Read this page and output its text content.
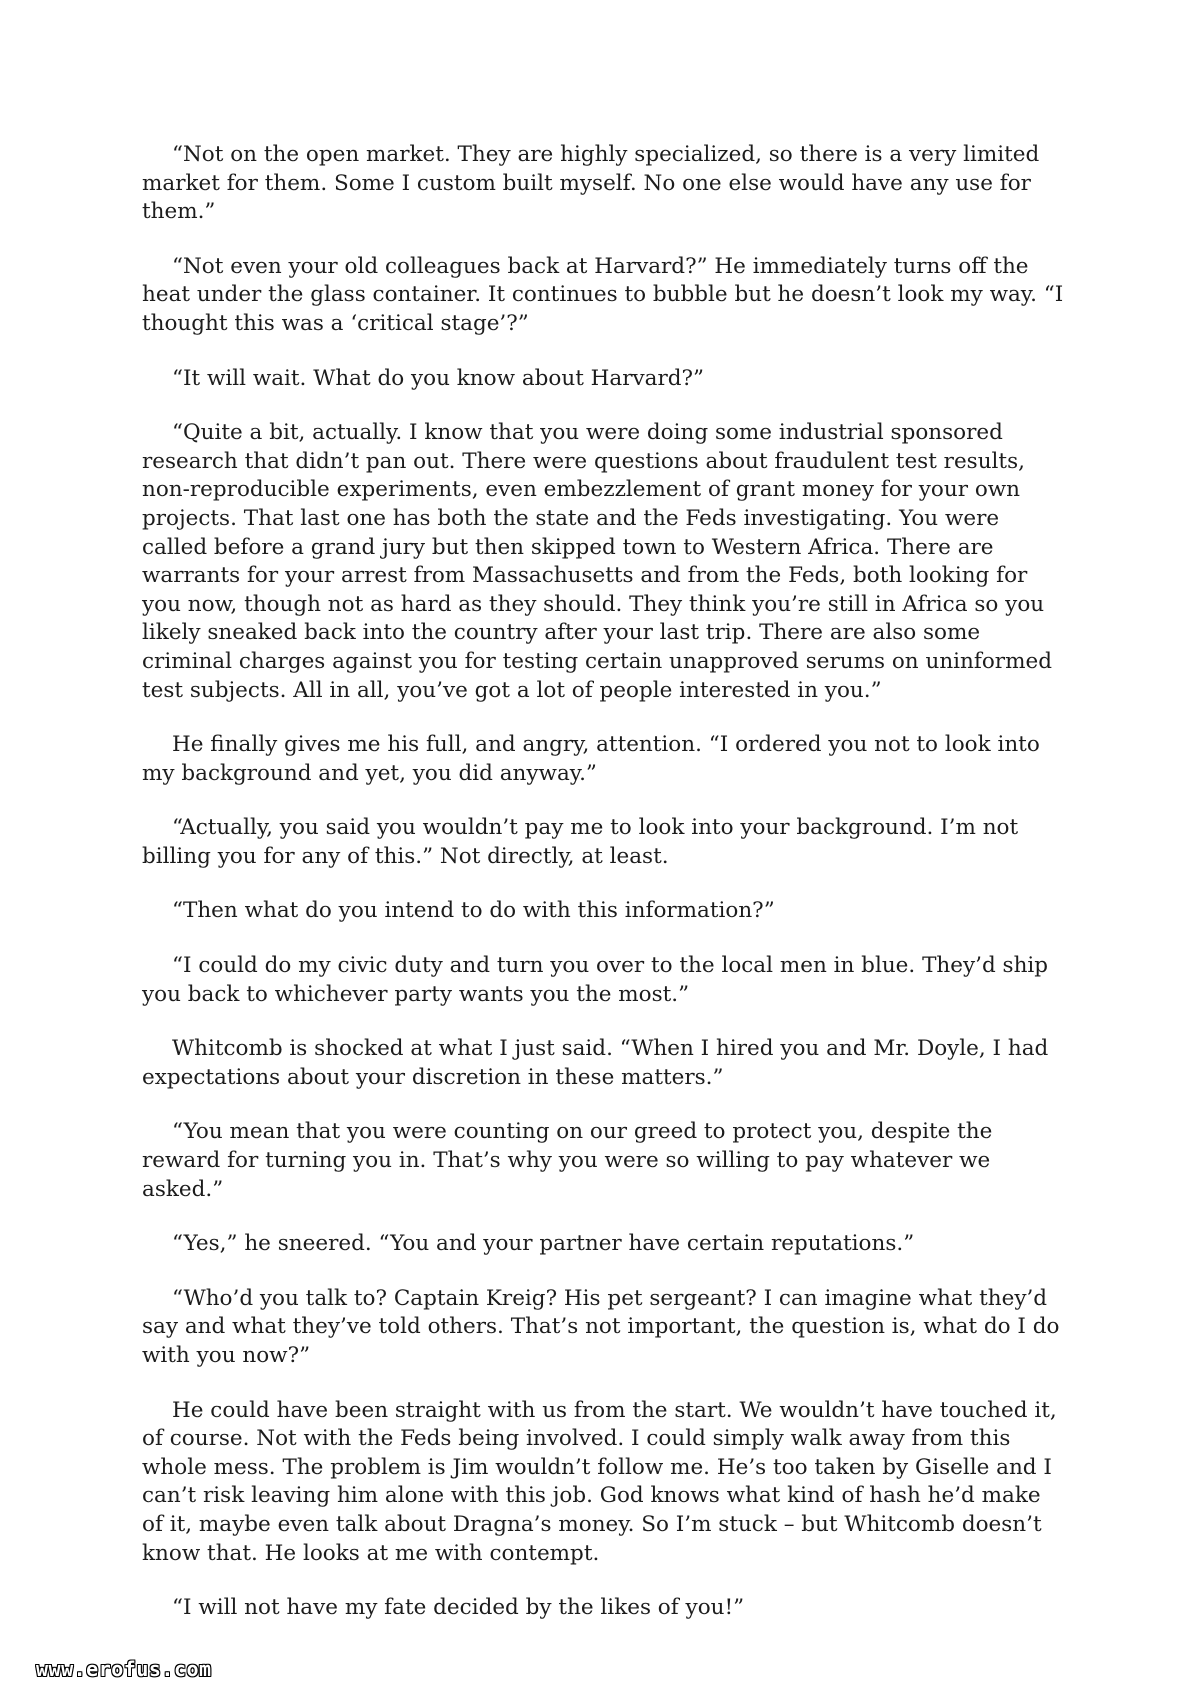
“Not on the open market. They are highly specialized, so there is a very limited market for them. Some I custom built myself. No one else would have any use for them.”

“Not even your old colleagues back at Harvard?” He immediately turns off the heat under the glass container. It continues to bubble but he doesn’t look my way. “I thought this was a ‘critical stage’?”

“It will wait. What do you know about Harvard?”

“Quite a bit, actually. I know that you were doing some industrial sponsored research that didn’t pan out. There were questions about fraudulent test results, non-reproducible experiments, even embezzlement of grant money for your own projects. That last one has both the state and the Feds investigating. You were called before a grand jury but then skipped town to Western Africa. There are warrants for your arrest from Massachusetts and from the Feds, both looking for you now, though not as hard as they should. They think you’re still in Africa so you likely sneaked back into the country after your last trip. There are also some criminal charges against you for testing certain unapproved serums on uninformed test subjects. All in all, you’ve got a lot of people interested in you.”

He finally gives me his full, and angry, attention. “I ordered you not to look into my background and yet, you did anyway.”

“Actually, you said you wouldn’t pay me to look into your background. I’m not billing you for any of this.” Not directly, at least.

“Then what do you intend to do with this information?”

“I could do my civic duty and turn you over to the local men in blue. They’d ship you back to whichever party wants you the most.”

Whitcomb is shocked at what I just said. “When I hired you and Mr. Doyle, I had expectations about your discretion in these matters.”

“You mean that you were counting on our greed to protect you, despite the reward for turning you in. That’s why you were so willing to pay whatever we asked.”

“Yes,” he sneered. “You and your partner have certain reputations.”

“Who’d you talk to? Captain Kreig? His pet sergeant? I can imagine what they’d say and what they’ve told others. That’s not important, the question is, what do I do with you now?”

He could have been straight with us from the start. We wouldn’t have touched it, of course. Not with the Feds being involved. I could simply walk away from this whole mess. The problem is Jim wouldn’t follow me. He’s too taken by Giselle and I can’t risk leaving him alone with this job. God knows what kind of hash he’d make of it, maybe even talk about Dragna’s money. So I’m stuck – but Whitcomb doesn’t know that. He looks at me with contempt.

“I will not have my fate decided by the likes of you!”

www.erofus.com
